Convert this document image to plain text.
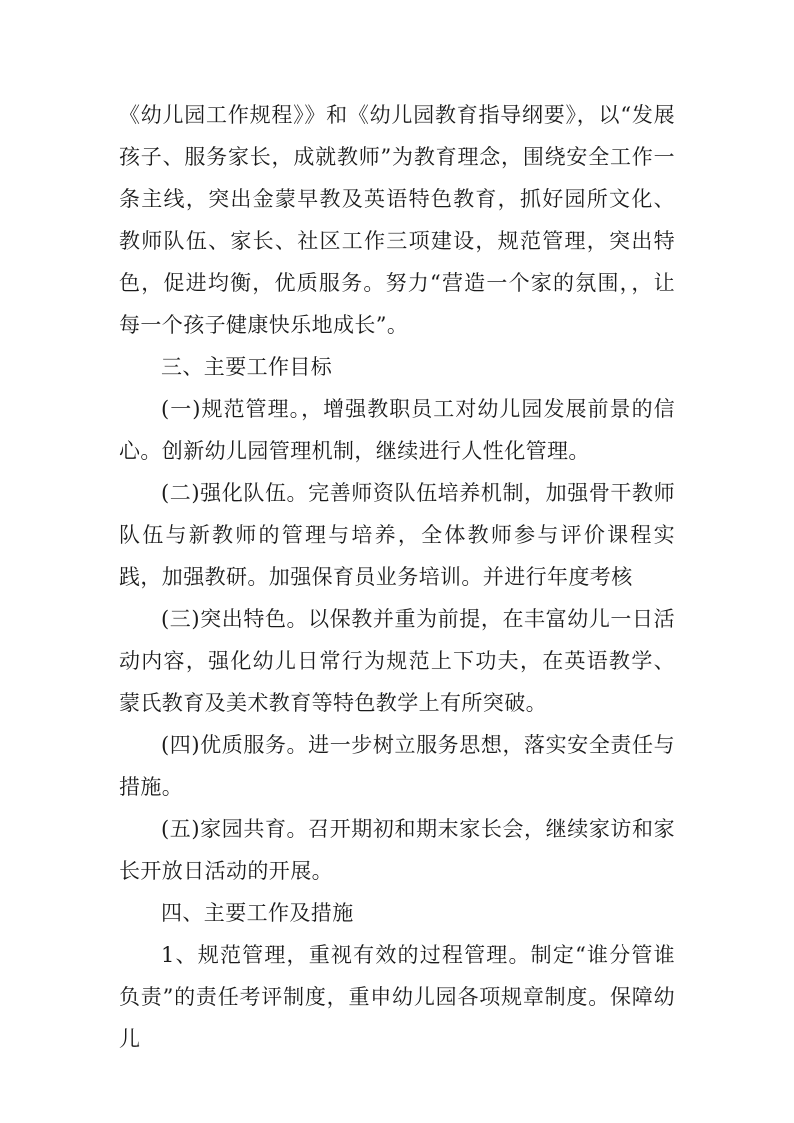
《幼儿园工作规程》》和《幼儿园教育指导纲要》，以“发展孩子、服务家长，成就教师”为教育理念，围绕安全工作一条主线，突出金蒙早教及英语特色教育，抓好园所文化、教师队伍、家长、社区工作三项建设，规范管理，突出特色，促进均衡，优质服务。努力“营造一个家的氛围，，让每一个孩子健康快乐地成长”。

三、主要工作目标

(一)规范管理。，增强教职员工对幼儿园发展前景的信心。创新幼儿园管理机制，继续进行人性化管理。

(二)强化队伍。完善师资队伍培养机制，加强骨干教师队伍与新教师的管理与培养，全体教师参与评价课程实践，加强教研。加强保育员业务培训。并进行年度考核

(三)突出特色。以保教并重为前提，在丰富幼儿一日活动内容，强化幼儿日常行为规范上下功夫，在英语教学、蒙氏教育及美术教育等特色教学上有所突破。

(四)优质服务。进一步树立服务思想，落实安全责任与措施。

(五)家园共育。召开期初和期末家长会，继续家访和家长开放日活动的开展。

四、主要工作及措施

1、规范管理，重视有效的过程管理。制定“谁分管谁负责”的责任考评制度，重申幼儿园各项规章制度。保障幼儿
